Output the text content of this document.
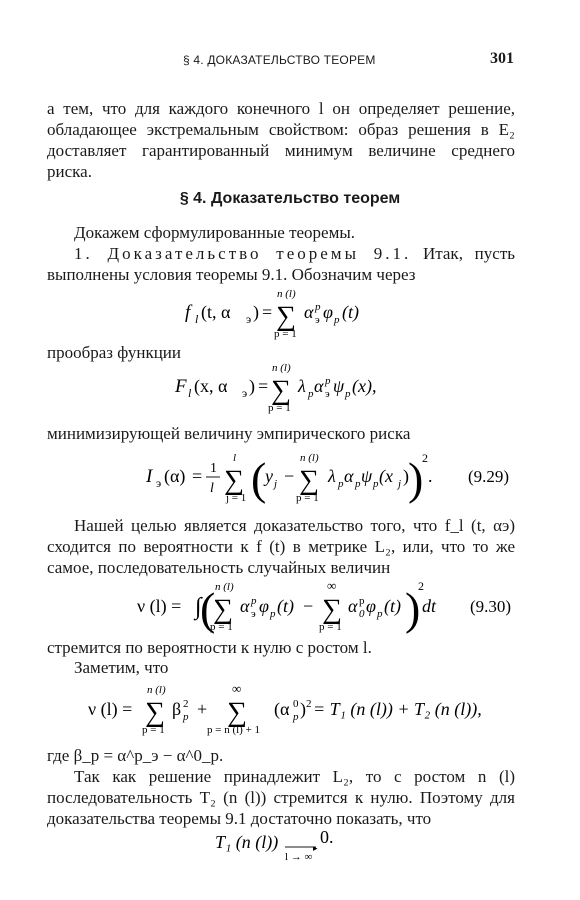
§ 4. ДОКАЗАТЕЛЬСТВО ТЕОРЕМ	301
а тем, что для каждого конечного l он определяет решение, обладающее экстремальным свойством: образ решения в E₂ доставляет гарантированный минимум величине среднего риска.
§ 4. Доказательство теорем
Докажем сформулированные теоремы.
1. Доказательство теоремы 9.1. Итак, пусть выполнены условия теоремы 9.1. Обозначим через
f l (t, α э ) =
n (l)
∑
p = 1
α p
э φ p (t)
F l (x, α э ) =
n (l)
∑
p = 1
λ p α p
э ψ p (x),
I э (α) = 1
l
l
∑
j = 1 (
y j −
n (l)
∑
p = 1
λ p α p ψ p (x j ) )
2
. (9.29)
ν (l) = ∫
( n (l)
∑
p = 1
α p
э φ p (t) −
∞
∑
p = 1
α p
0 φ p (t) )
2
dt (9.30)
ν (l) =
n (l)
∑
p = 1
β p
2 +
∞
∑
p = n (l) + 1
(α p
0 ) 2 = T₁ (n (l)) + T₂ (n (l)),
T₁ (n (l))	▸
l → ∞
0.
прообраз функции
минимизирующей величину эмпирического риска
Нашей целью является доказательство того, что f_l (t, αэ) сходится по вероятности к f (t) в метрике L₂, или, что то же самое, последовательность случайных величин
стремится по вероятности к нулю с ростом l.
Заметим, что
где β_p = α^p_э − α^0_p.
Так как решение принадлежит L₂, то с ростом n (l) последовательность T₂ (n (l)) стремится к нулю. Поэтому для доказательства теоремы 9.1 достаточно показать, что
